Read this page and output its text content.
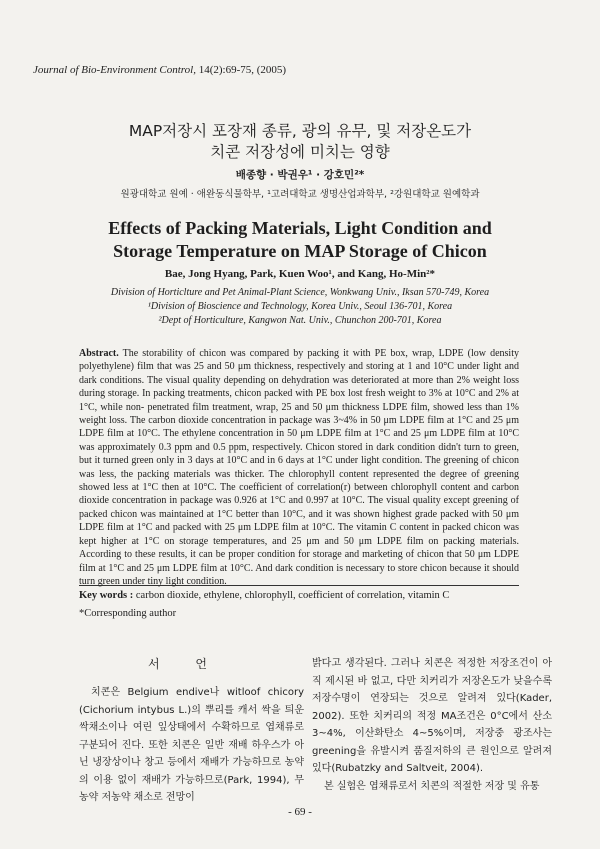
Journal of Bio-Environment Control, 14(2):69-75, (2005)
MAP저장시 포장재 종류, 광의 유무, 및 저장온도가
치콘 저장성에 미치는 영향
배종향 · 박권우¹ · 강호민²*
원광대학교 원예 · 애완동식물학부, ¹고려대학교 생명산업과학부, ²강원대학교 원예학과
Effects of Packing Materials, Light Condition and
Storage Temperature on MAP Storage of Chicon
Bae, Jong Hyang, Park, Kuen Woo¹, and Kang, Ho-Min²*
Division of Horticlture and Pet Animal-Plant Science, Wonkwang Univ., Iksan 570-749, Korea
¹Division of Bioscience and Technology, Korea Univ., Seoul 136-701, Korea
²Dept of Horticulture, Kangwon Nat. Univ., Chunchon 200-701, Korea
Abstract. The storability of chicon was compared by packing it with PE box, wrap, LDPE (low density polyethylene) film that was 25 and 50 μm thickness, respectively and storing at 1 and 10°C under light and dark conditions. The visual quality depending on dehydration was deteriorated at more than 2% weight loss during storage. In packing treatments, chicon packed with PE box lost fresh weight to 3% at 10°C and 2% at 1°C, while non- penetrated film treatment, wrap, 25 and 50 μm thickness LDPE film, showed less than 1% weight loss. The carbon dioxide concentration in package was 3~4% in 50 μm LDPE film at 1°C and 25 μm LDPE film at 10°C. The ethylene concentration in 50 μm LDPE film at 1°C and 25 μm LDPE film at 10°C was approximately 0.3 ppm and 0.5 ppm, respectively. Chicon stored in dark condition didn't turn to green, but it turned green only in 3 days at 10°C and in 6 days at 1°C under light condition. The greening of chicon was less, the packing materials was thicker. The chlorophyll content represented the degree of greening showed less at 1°C then at 10°C. The coefficient of correlation(r) between chlorophyll content and carbon dioxide concentration in package was 0.926 at 1°C and 0.997 at 10°C. The visual quality except greening of packed chicon was maintained at 1°C better than 10°C, and it was shown highest grade packed with 50 μm LDPE film at 1°C and packed with 25 μm LDPE film at 10°C. The vitamin C content in packed chicon was kept higher at 1°C on storage temperatures, and 25 μm and 50 μm LDPE film on packing materials. According to these results, it can be proper condition for storage and marketing of chicon that 50 μm LDPE film at 1°C and 25 μm LDPE film at 10°C. And dark condition is necessary to store chicon because it should turn green under tiny light condition.
Key words : carbon dioxide, ethylene, chlorophyll, coefficient of correlation, vitamin C
*Corresponding author
서 언

치콘은 Belgium endive나 witloof chicory (Cichorium intybus L.)의 뿌리를 캐서 싹을 틔운 싹채소이나 여린 잎상태에서 수확하므로 엽채류로 구분되어 진다. 또한 치콘은 일반 재배 하우스가 아닌 냉장상이나 창고 등에서 재배가 가능하므로 농약의 이용 없이 재배가 가능하므로(Park, 1994), 무농약 저농약 채소로 전망이

밝다고 생각된다. 그러나 치콘은 적정한 저장조건이 아직 제시된 바 없고, 다만 치커리가 저장온도가 낮을수록 저장수명이 연장되는 것으로 알려져 있다(Kader, 2002). 또한 치커리의 적정 MA조건은 0°C에서 산소 3~4%, 이산화탄소 4~5%이며, 저장중 광조사는 greening을 유발시켜 품질저하의 큰 원인으로 알려져 있다(Rubatzky and Saltveit, 2004).

본 실험은 엽채류로서 치콘의 적절한 저장 및 유통

- 69 -
